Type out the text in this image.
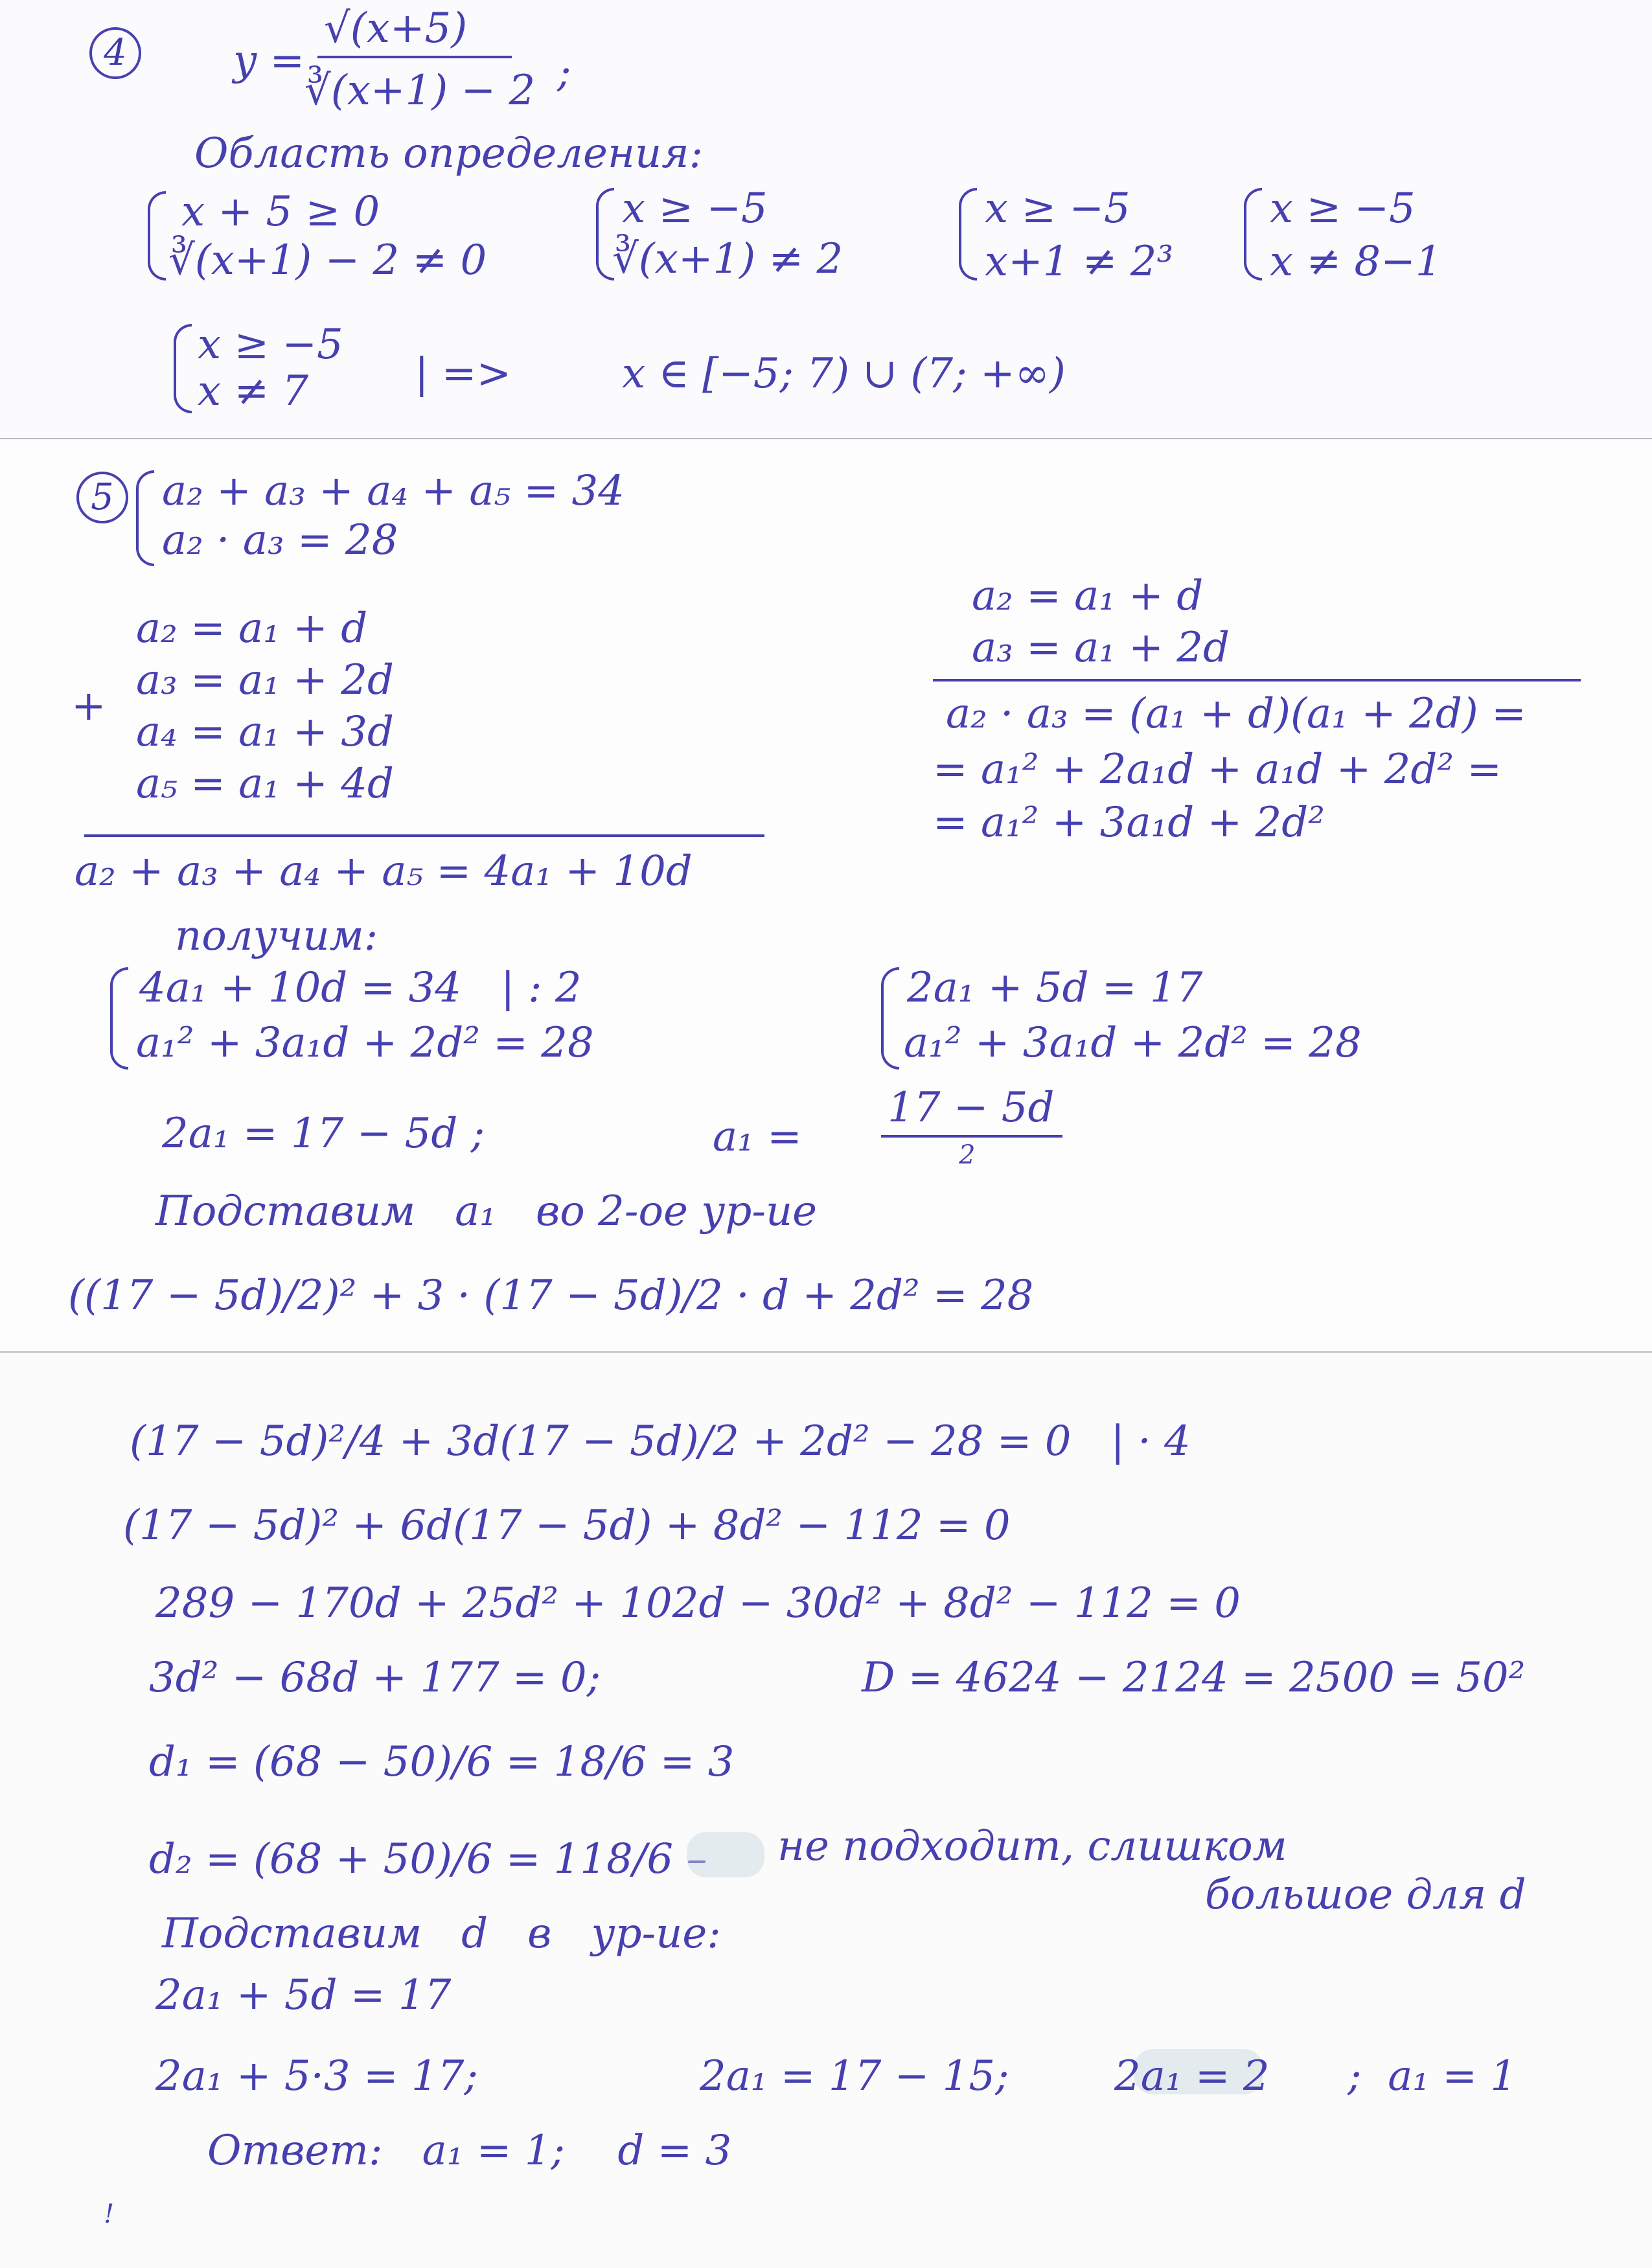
4	y =
√(x+5)
∛(x+1) − 2 ;
Область определения:
x + 5 ≥ 0
∛(x+1) − 2 ≠ 0
x ≥ −5
∛(x+1) ≠ 2
x ≥ −5
x+1 ≠ 2³
x ≥ −5
x ≠ 8−1
x ≥ −5
x ≠ 7	| =>	x ∈ [−5; 7) ∪ (7; +∞)
5	a₂ + a₃ + a₄ + a₅ = 34
a₂ · a₃ = 28
a₂ = a₁ + d
a₃ = a₁ + 2d
+
a₄ = a₁ + 3d
a₅ = a₁ + 4d
a₂ + a₃ + a₄ + a₅ = 4a₁ + 10d
a₂ = a₁ + d
a₃ = a₁ + 2d
a₂ · a₃ = (a₁ + d)(a₁ + 2d) =
= a₁² + 2a₁d + a₁d + 2d² =
= a₁² + 3a₁d + 2d²
получим:
4a₁ + 10d = 34   | : 2
a₁² + 3a₁d + 2d² = 28
2a₁ + 5d = 17
a₁² + 3a₁d + 2d² = 28
2a₁ = 17 − 5d ;	a₁ =
17 − 5d
2
Подставим   a₁   во 2-ое ур-ие
((17 − 5d)/2)² + 3 · (17 − 5d)/2 · d + 2d² = 28
(17 − 5d)²/4 + 3d(17 − 5d)/2 + 2d² − 28 = 0   | · 4
(17 − 5d)² + 6d(17 − 5d) + 8d² − 112 = 0
289 − 170d + 25d² + 102d − 30d² + 8d² − 112 = 0
3d² − 68d + 177 = 0;	D = 4624 − 2124 = 2500 = 50²
d₁ = (68 − 50)/6 = 18/6 = 3
d₂ = (68 + 50)/6 = 118/6 – не подходит, слишком
большое для d
Подставим   d   в   ур-ие:
2a₁ + 5d = 17
2a₁ + 5·3 = 17;	2a₁ = 17 − 15;	2a₁ = 2 ;  a₁ = 1
Ответ:   a₁ = 1;    d = 3
!
